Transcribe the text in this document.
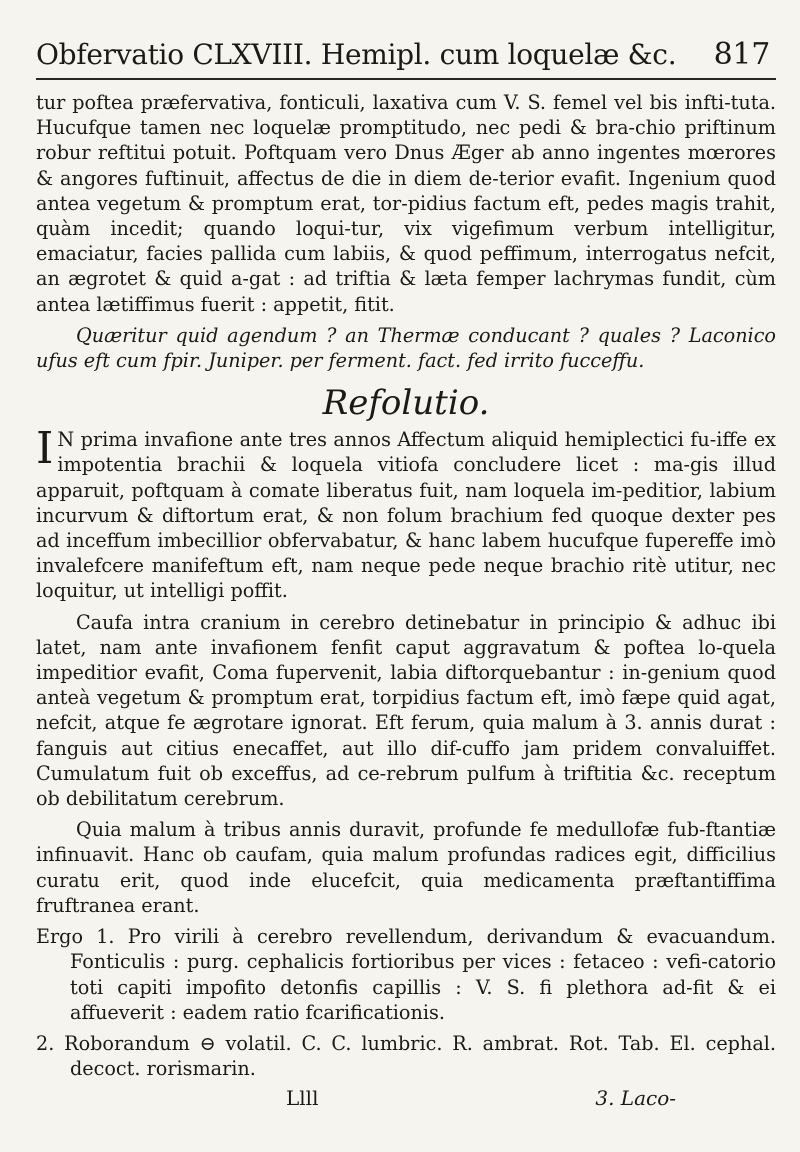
Obfervatio CLXVIII. Hemipl. cum loquelæ &c. 817

tur poftea præfervativa, fonticuli, laxativa cum V. S. femel vel bis infti-tuta. Hucufque tamen nec loquelæ promptitudo, nec pedi & bra-chio priftinum robur reftitui potuit. Poftquam vero Dnus Æger ab anno ingentes mœrores & angores fuftinuit, affectus de die in diem de-terior evafit. Ingenium quod antea vegetum & promptum erat, tor-pidius factum eft, pedes magis trahit, quàm incedit; quando loqui-tur, vix vigefimum verbum intelligitur, emaciatur, facies pallida cum labiis, & quod peffimum, interrogatus nefcit, an ægrotet & quid a-gat : ad triftia & læta femper lachrymas fundit, cùm antea lætiffimus fuerit : appetit, fitit.

Quæritur quid agendum ? an Thermæ conducant ? quales ? Laconico ufus eft cum fpir. Juniper. per ferment. fact. fed irrito fucceffu.

Refolutio.

I N prima invafione ante tres annos Affectum aliquid hemiplectici fu-iffe ex impotentia brachii & loquela vitiofa concludere licet : ma-gis illud apparuit, poftquam à comate liberatus fuit, nam loquela im-peditior, labium incurvum & diftortum erat, & non folum brachium fed quoque dexter pes ad inceffum imbecillior obfervabatur, & hanc labem hucufque fupereffe imò invalefcere manifeftum eft, nam neque pede neque brachio ritè utitur, nec loquitur, ut intelligi poffit.

Caufa intra cranium in cerebro detinebatur in principio & adhuc ibi latet, nam ante invafionem fenfit caput aggravatum & poftea lo-quela impeditior evafit, Coma fupervenit, labia diftorquebantur : in-genium quod anteà vegetum & promptum erat, torpidius factum eft, imò fæpe quid agat, nefcit, atque fe ægrotare ignorat. Eft ferum, quia malum à 3. annis durat : fanguis aut citius enecaffet, aut illo dif-cuffo jam pridem convaluiffet. Cumulatum fuit ob exceffus, ad ce-rebrum pulfum à triftitia &c. receptum ob debilitatum cerebrum.

Quia malum à tribus annis duravit, profunde fe medullofæ fub-ftantiæ infinuavit. Hanc ob caufam, quia malum profundas radices egit, difficilius curatu erit, quod inde elucefcit, quia medicamenta præftantiffima fruftranea erant.

Ergo 1. Pro virili à cerebro revellendum, derivandum & evacuandum. Fonticulis : purg. cephalicis fortioribus per vices : fetaceo : vefi-catorio toti capiti impofito detonfis capillis : V. S. fi plethora ad-fit & ei affueverit : eadem ratio fcarificationis.

2. Roborandum ⊖ volatil. C. C. lumbric. R. ambrat. Rot. Tab. El. cephal. decoct. rorismarin.

Llll	3. Laco-
